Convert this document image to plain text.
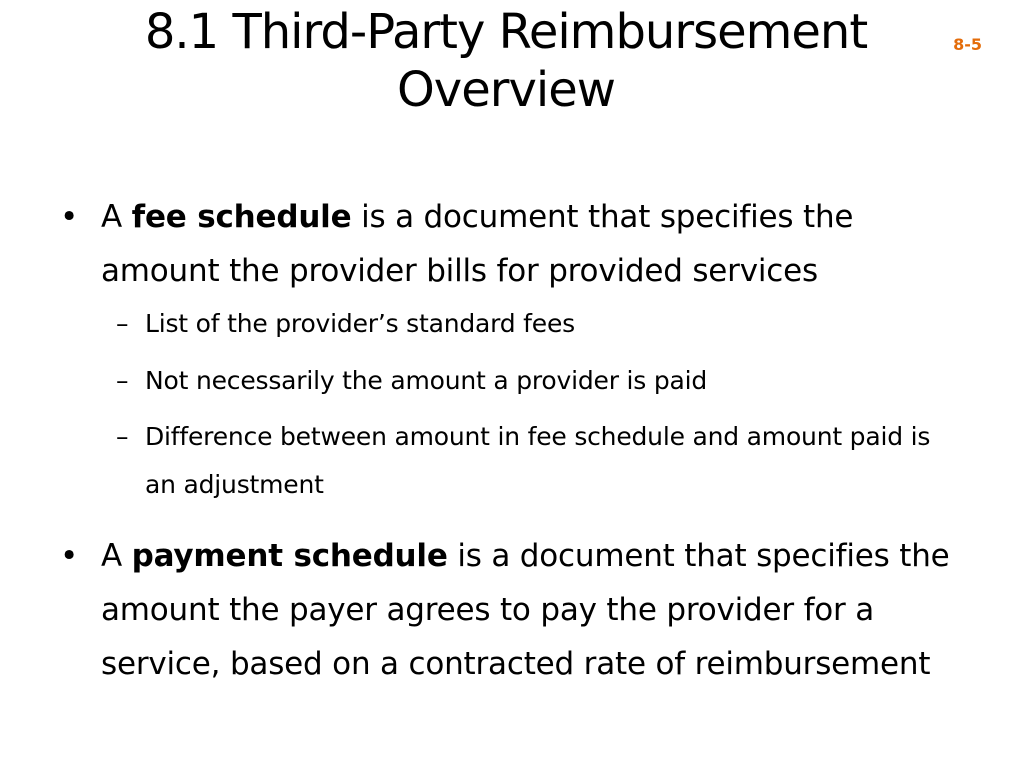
8.1 Third-Party Reimbursement
Overview
8-5
• A fee schedule is a document that specifies the amount the provider bills for provided services
– List of the provider’s standard fees
– Not necessarily the amount a provider is paid
– Difference between amount in fee schedule and amount paid is an adjustment
• A payment schedule is a document that specifies the amount the payer agrees to pay the provider for a service, based on a contracted rate of reimbursement
